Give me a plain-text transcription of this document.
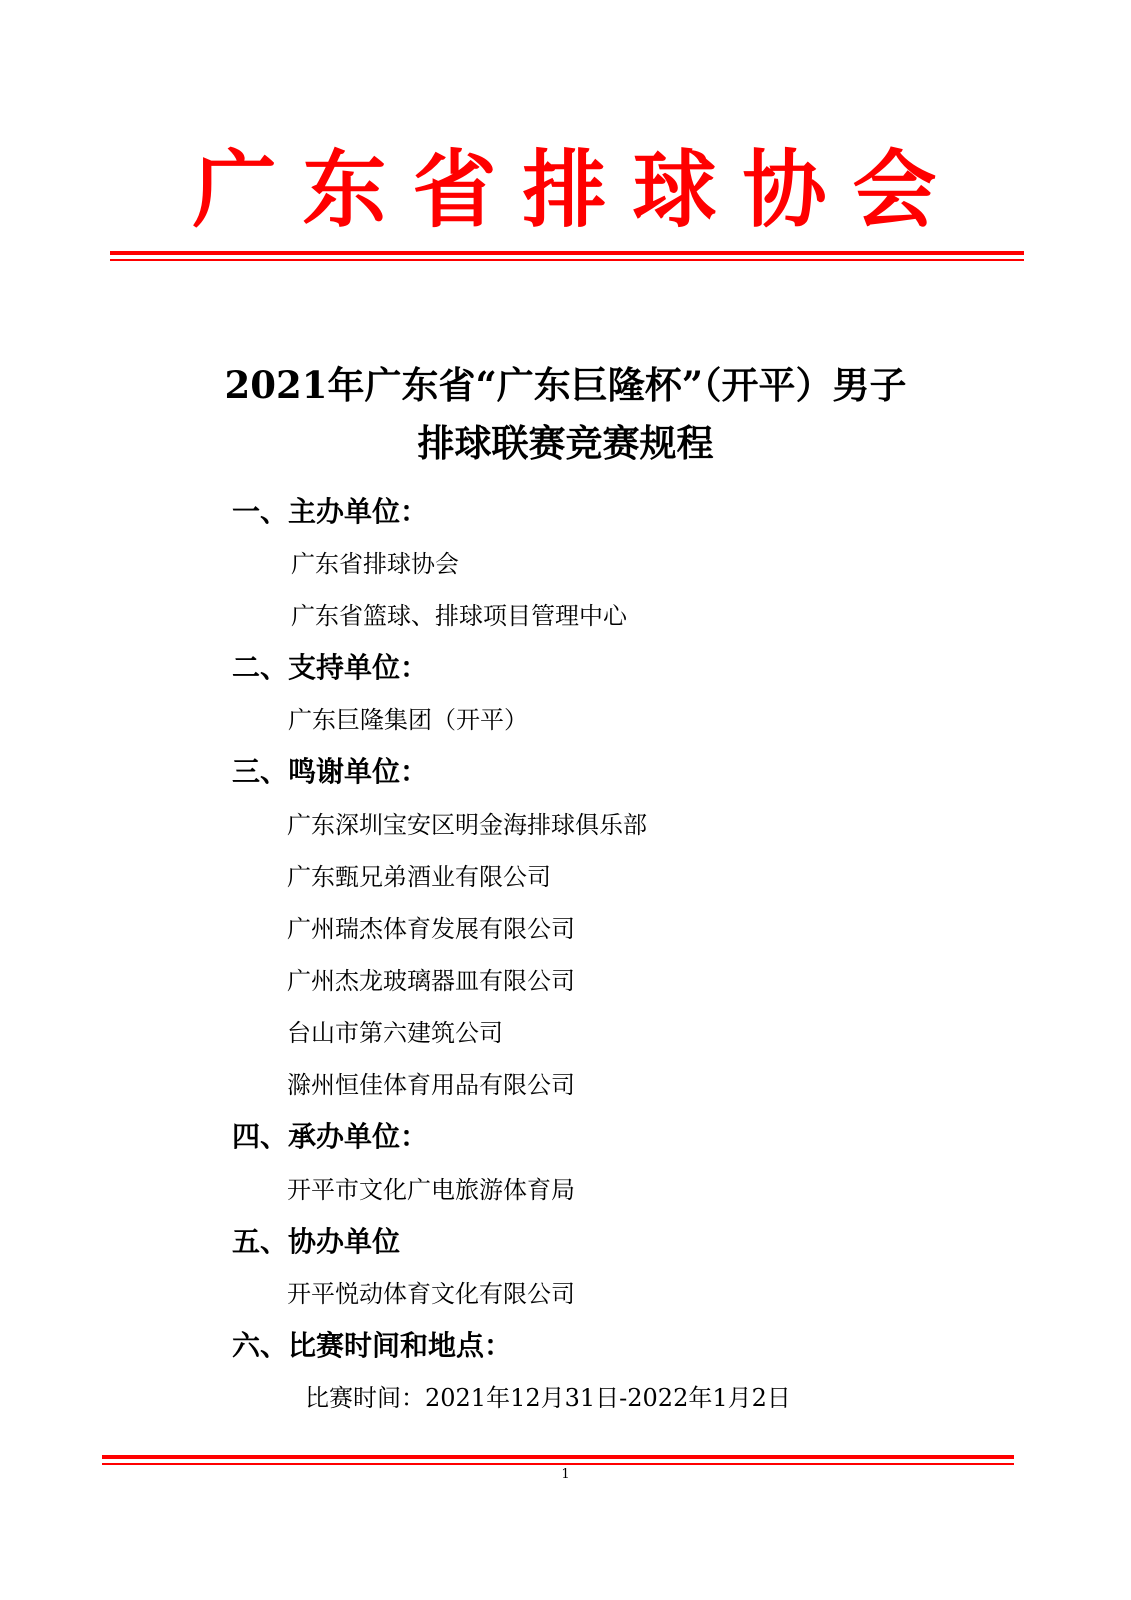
广东省排球协会
2021年广东省“广东巨隆杯”（开平）男子
排球联赛竞赛规程
一、主办单位：
广东省排球协会
广东省篮球、排球项目管理中心
二、支持单位：
广东巨隆集团（开平）
三、鸣谢单位：
广东深圳宝安区明金海排球俱乐部
广东甄兄弟酒业有限公司
广州瑞杰体育发展有限公司
广州杰龙玻璃器皿有限公司
台山市第六建筑公司
滁州恒佳体育用品有限公司
四、承办单位：
开平市文化广电旅游体育局
五、协办单位
开平悦动体育文化有限公司
六、比赛时间和地点：
比赛时间：2021年12月31日-2022年1月2日
1
